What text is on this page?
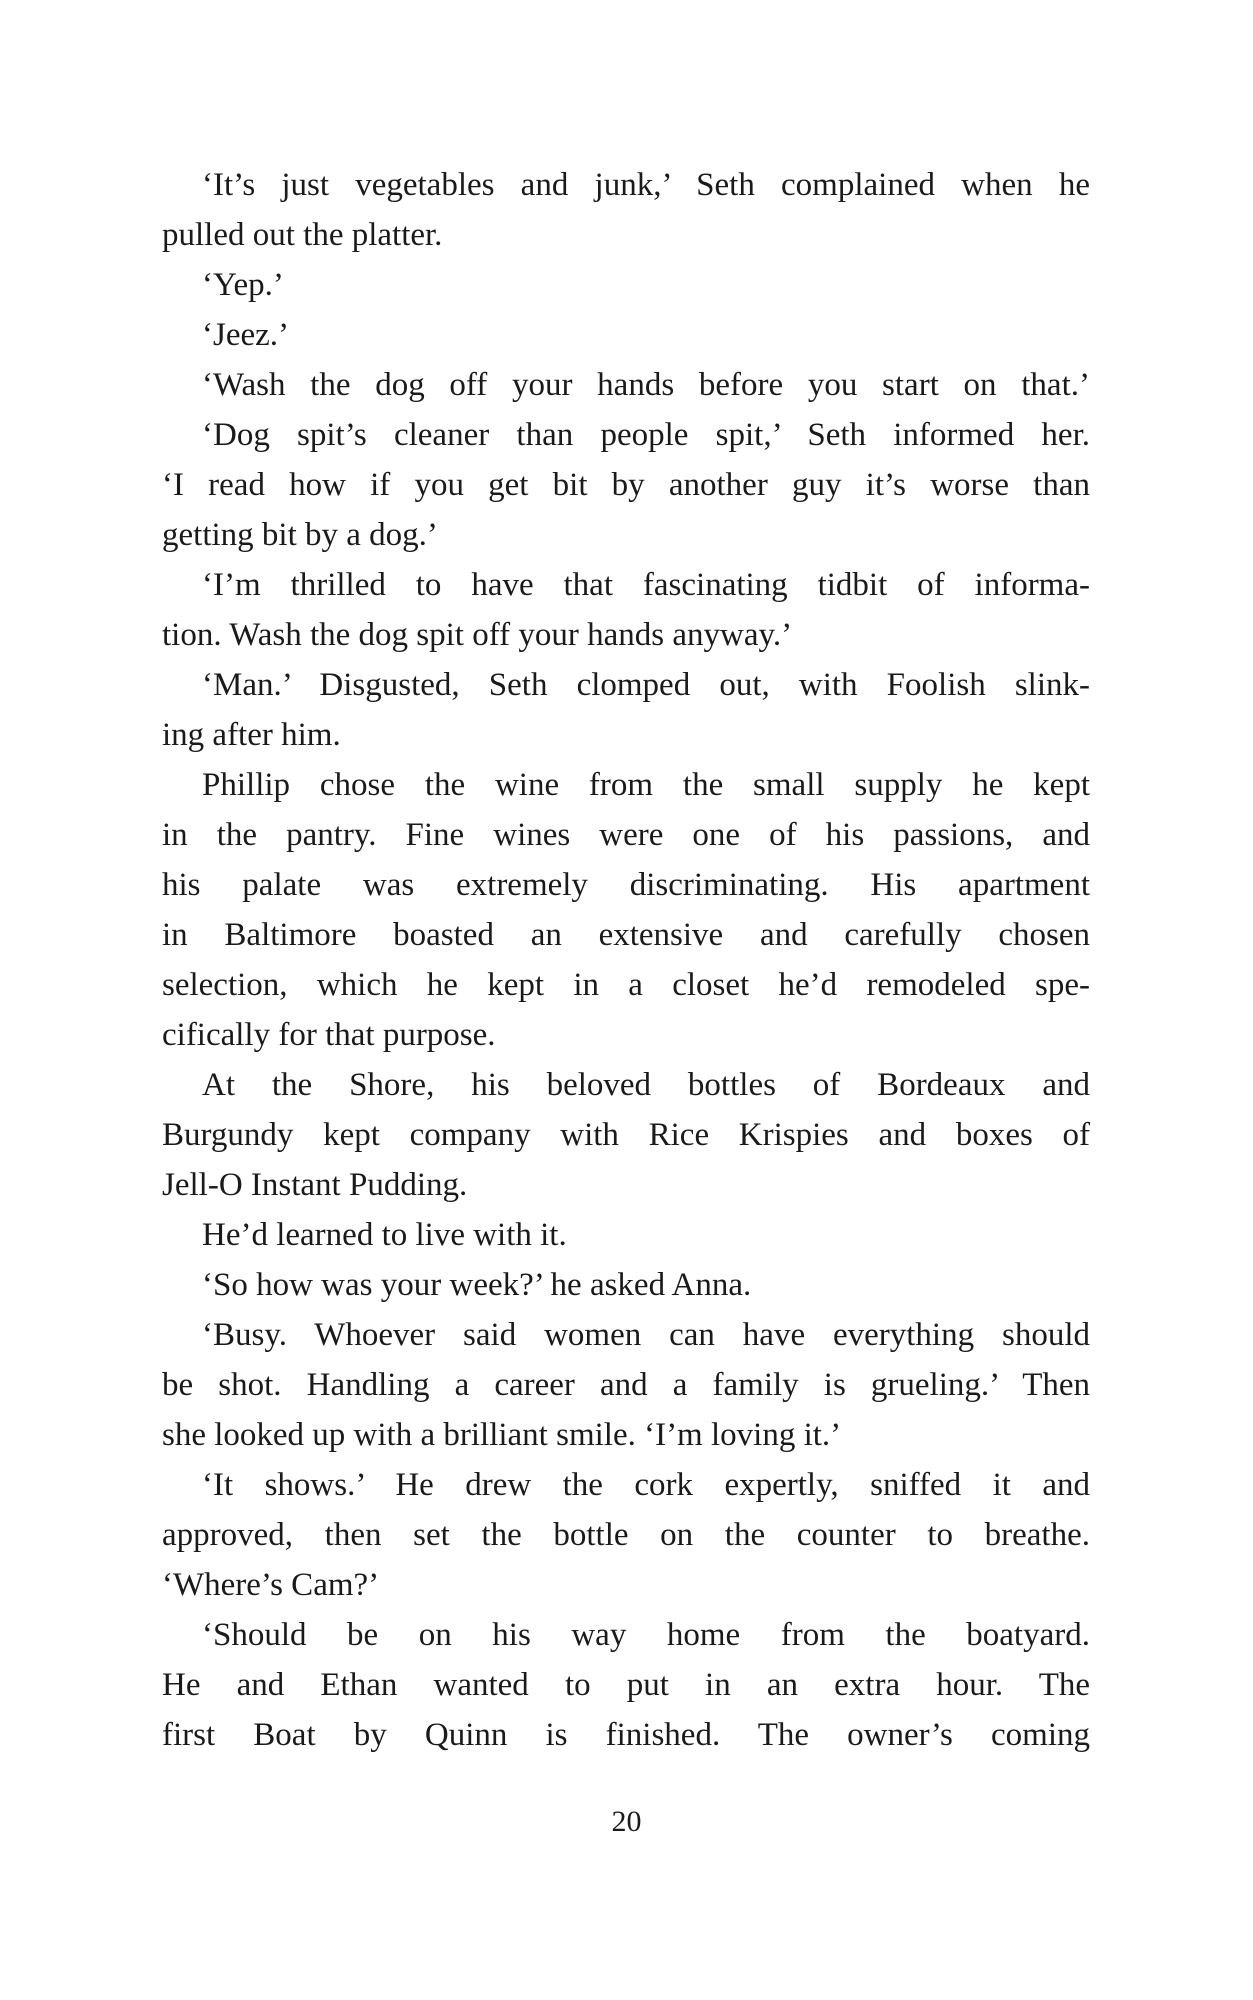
‘It’s just vegetables and junk,’ Seth complained when he
pulled out the platter.
‘Yep.’
‘Jeez.’
‘Wash the dog off your hands before you start on that.’
‘Dog spit’s cleaner than people spit,’ Seth informed her.
‘I read how if you get bit by another guy it’s worse than
getting bit by a dog.’
‘I’m thrilled to have that fascinating tidbit of informa-
tion. Wash the dog spit off your hands anyway.’
‘Man.’ Disgusted, Seth clomped out, with Foolish slink-
ing after him.
Phillip chose the wine from the small supply he kept
in the pantry. Fine wines were one of his passions, and
his palate was extremely discriminating. His apartment
in Baltimore boasted an extensive and carefully chosen
selection, which he kept in a closet he’d remodeled spe-
cifically for that purpose.
At the Shore, his beloved bottles of Bordeaux and
Burgundy kept company with Rice Krispies and boxes of
Jell-O Instant Pudding.
He’d learned to live with it.
‘So how was your week?’ he asked Anna.
‘Busy. Whoever said women can have everything should
be shot. Handling a career and a family is grueling.’ Then
she looked up with a brilliant smile. ‘I’m loving it.’
‘It shows.’ He drew the cork expertly, sniffed it and
approved, then set the bottle on the counter to breathe.
‘Where’s Cam?’
‘Should be on his way home from the boatyard.
He and Ethan wanted to put in an extra hour. The
first Boat by Quinn is finished. The owner’s coming
20
